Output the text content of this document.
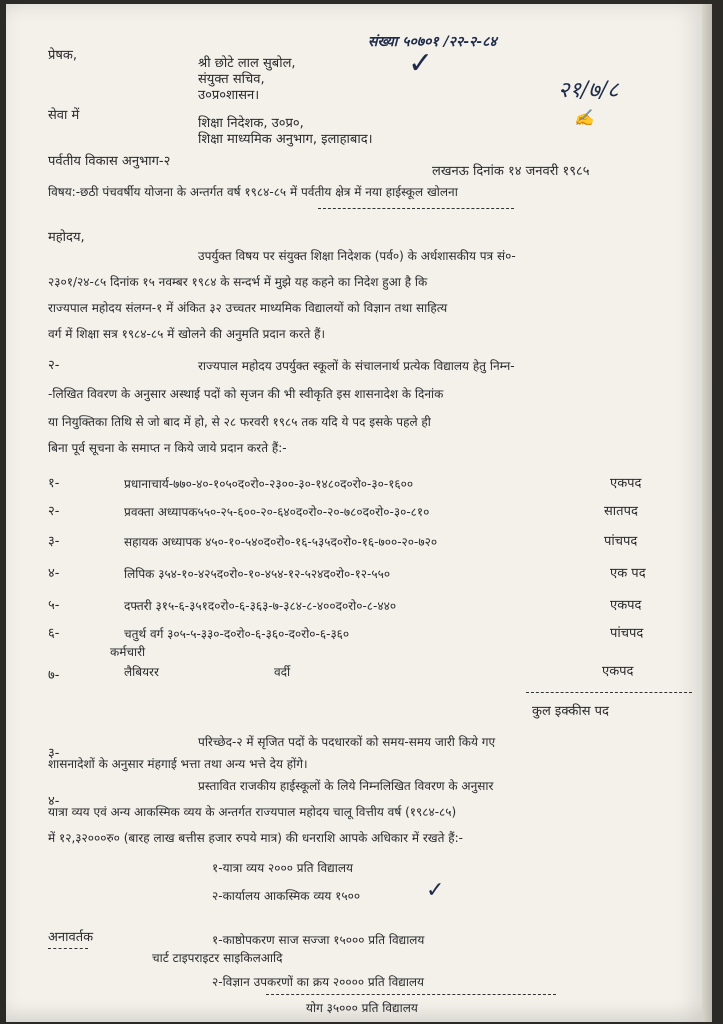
संख्या ५०७०१ /२२-२-८४
✓
२१/७/८
✍
प्रेषक,
श्री छोटे लाल सुबोल,
संयुक्त सचिव,
उ०प्र०शासन।
सेवा में
शिक्षा निदेशक, उ०प्र०,
शिक्षा माध्यमिक अनुभाग, इलाहाबाद।
पर्वतीय विकास अनुभाग-२
लखनऊ दिनांक १४ जनवरी १९८५
विषय:-छठी पंचवर्षीय योजना के अन्तर्गत वर्ष १९८४-८५ में पर्वतीय क्षेत्र में नया हाईस्कूल खोलना
महोदय,
उपर्युक्त विषय पर संयुक्त शिक्षा निदेशक (पर्व०) के अर्धशासकीय पत्र सं०-
२३०१/२४-८५ दिनांक १५ नवम्बर १९८४ के सन्दर्भ में मुझे यह कहने का निदेश हुआ है कि
राज्यपाल महोदय संलग्न-१ में अंकित ३२ उच्चतर माध्यमिक विद्यालयों को विज्ञान तथा साहित्य
वर्ग में शिक्षा सत्र १९८४-८५ में खोलने की अनुमति प्रदान करते हैं।
२-	राज्यपाल महोदय उपर्युक्त स्कूलों के संचालनार्थ प्रत्येक विद्यालय हेतु निम्न-
-लिखित विवरण के अनुसार अस्थाई पदों को सृजन की भी स्वीकृति इस शासनादेश के दिनांक
या नियुक्तिका तिथि से जो बाद में हो, से २८ फरवरी १९८५ तक यदि ये पद इसके पहले ही
बिना पूर्व सूचना के समाप्त न किये जाये प्रदान करते हैं:-
१-	प्रधानाचार्य-७७०-४०-१०५०द०रो०-२३००-३०-१४८०द०रो०-३०-१६००	एकपद
२-	प्रवक्ता अध्यापक५५०-२५-६००-२०-६४०द०रो०-२०-७८०द०रो०-३०-८१०	सातपद
३-	सहायक अध्यापक ४५०-१०-५४०द०रो०-१६-५३५द०रो०-१६-७००-२०-७२०	पांचपद
४-	लिपिक ३५४-१०-४२५द०रो०-१०-४५४-१२-५२४द०रो०-१२-५५०	एक पद
५-	दफ्तरी ३१५-६-३५१द०रो०-६-३६३-७-३८४-८-४००द०रो०-८-४४०	एकपद
६-	चतुर्थ वर्ग ३०५-५-३३०-द०रो०-६-३६०-द०रो०-६-३६०	पांचपद
कर्मचारी
७-	लैबियरर	वर्दी	एकपद
कुल इक्कीस पद
३-
परिच्छेद-२ में सृजित पदों के पदधारकों को समय-समय जारी किये गए
शासनादेशों के अनुसार मंहगाई भत्ता तथा अन्य भत्ते देय होंगे।
४-
प्रस्तावित राजकीय हाईस्कूलों के लिये निम्नलिखित विवरण के अनुसार
यात्रा व्यय एवं अन्य आकस्मिक व्यय के अन्तर्गत राज्यपाल महोदय चालू वित्तीय वर्ष (१९८४-८५)
में १२,३२०००रु० (बारह लाख बत्तीस हजार रुपये मात्र) की धनराशि आपके अधिकार में रखते हैं:-
१-यात्रा व्यय २००० प्रति विद्यालय
२-कार्यालय आकस्मिक व्यय १५००	✓
अनावर्तक	१-काष्ठोपकरण साज सज्जा १५००० प्रति विद्यालय
चार्ट टाइपराइटर साइकिलआदि
२-विज्ञान उपकरणों का क्रय २०००० प्रति विद्यालय
योग ३५००० प्रति विद्यालय
